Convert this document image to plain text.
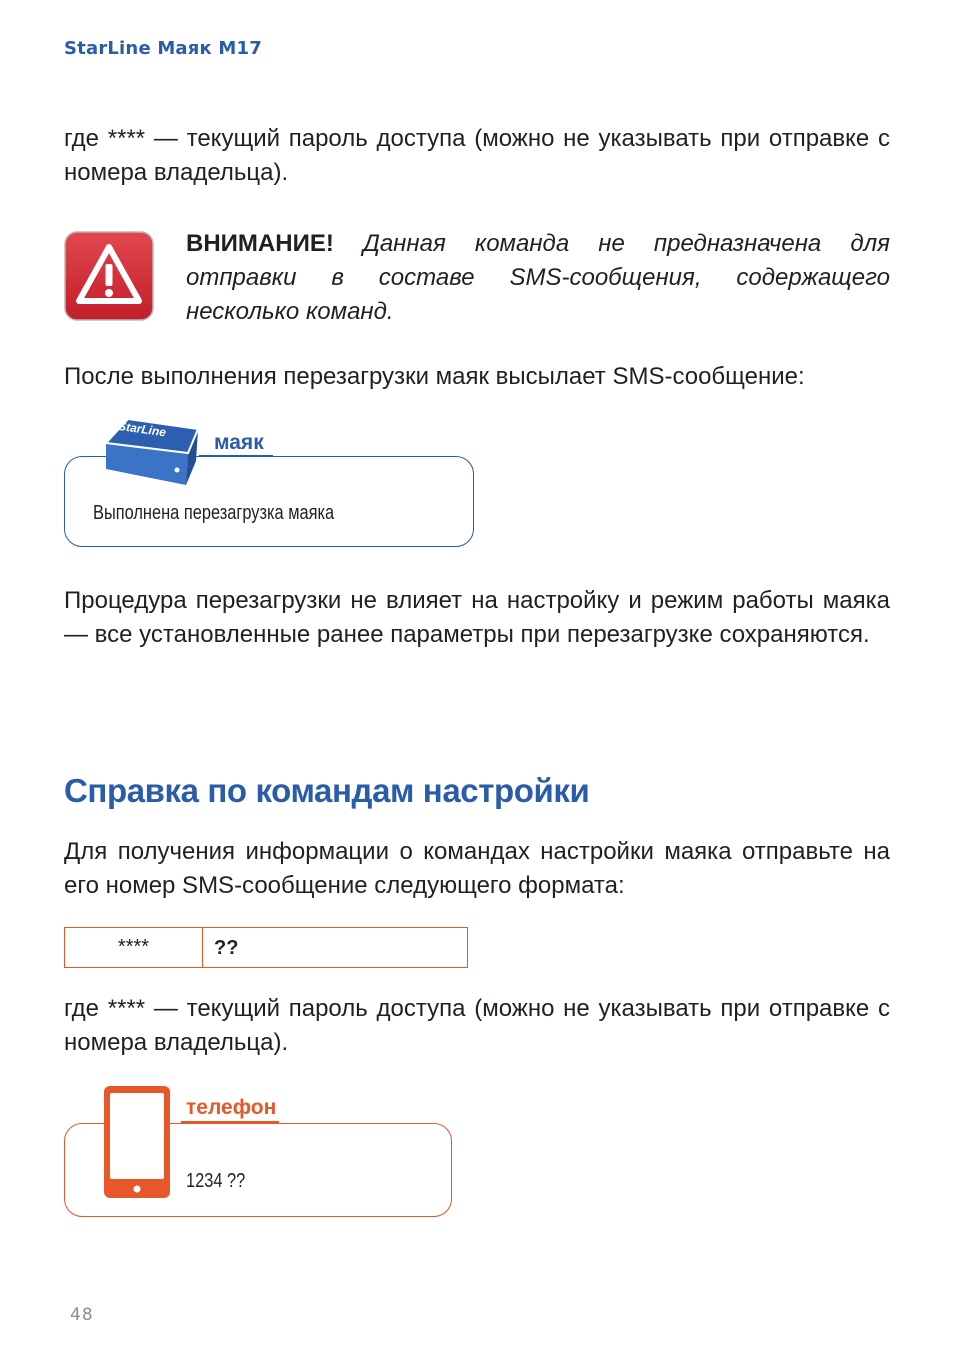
StarLine Маяк M17
где **** — текущий пароль доступа (можно не указывать при отправке с номера владельца).
ВНИМАНИЕ! Данная команда не предназначена для отправки в составе SMS-сообщения, содержащего несколько команд.
После выполнения перезагрузки маяк высылает SMS-сообщение:
StarLine
маяк
Выполнена перезагрузка маяка
Процедура перезагрузки не влияет на настройку и режим работы маяка — все установленные ранее параметры при перезагрузке сохраняются.
Справка по командам настройки
Для получения информации о командах настройки маяка отправьте на его номер SMS-сообщение следующего формата:
****	??
где **** — текущий пароль доступа (можно не указывать при отправке с номера владельца).
телефон
1234 ??
48
